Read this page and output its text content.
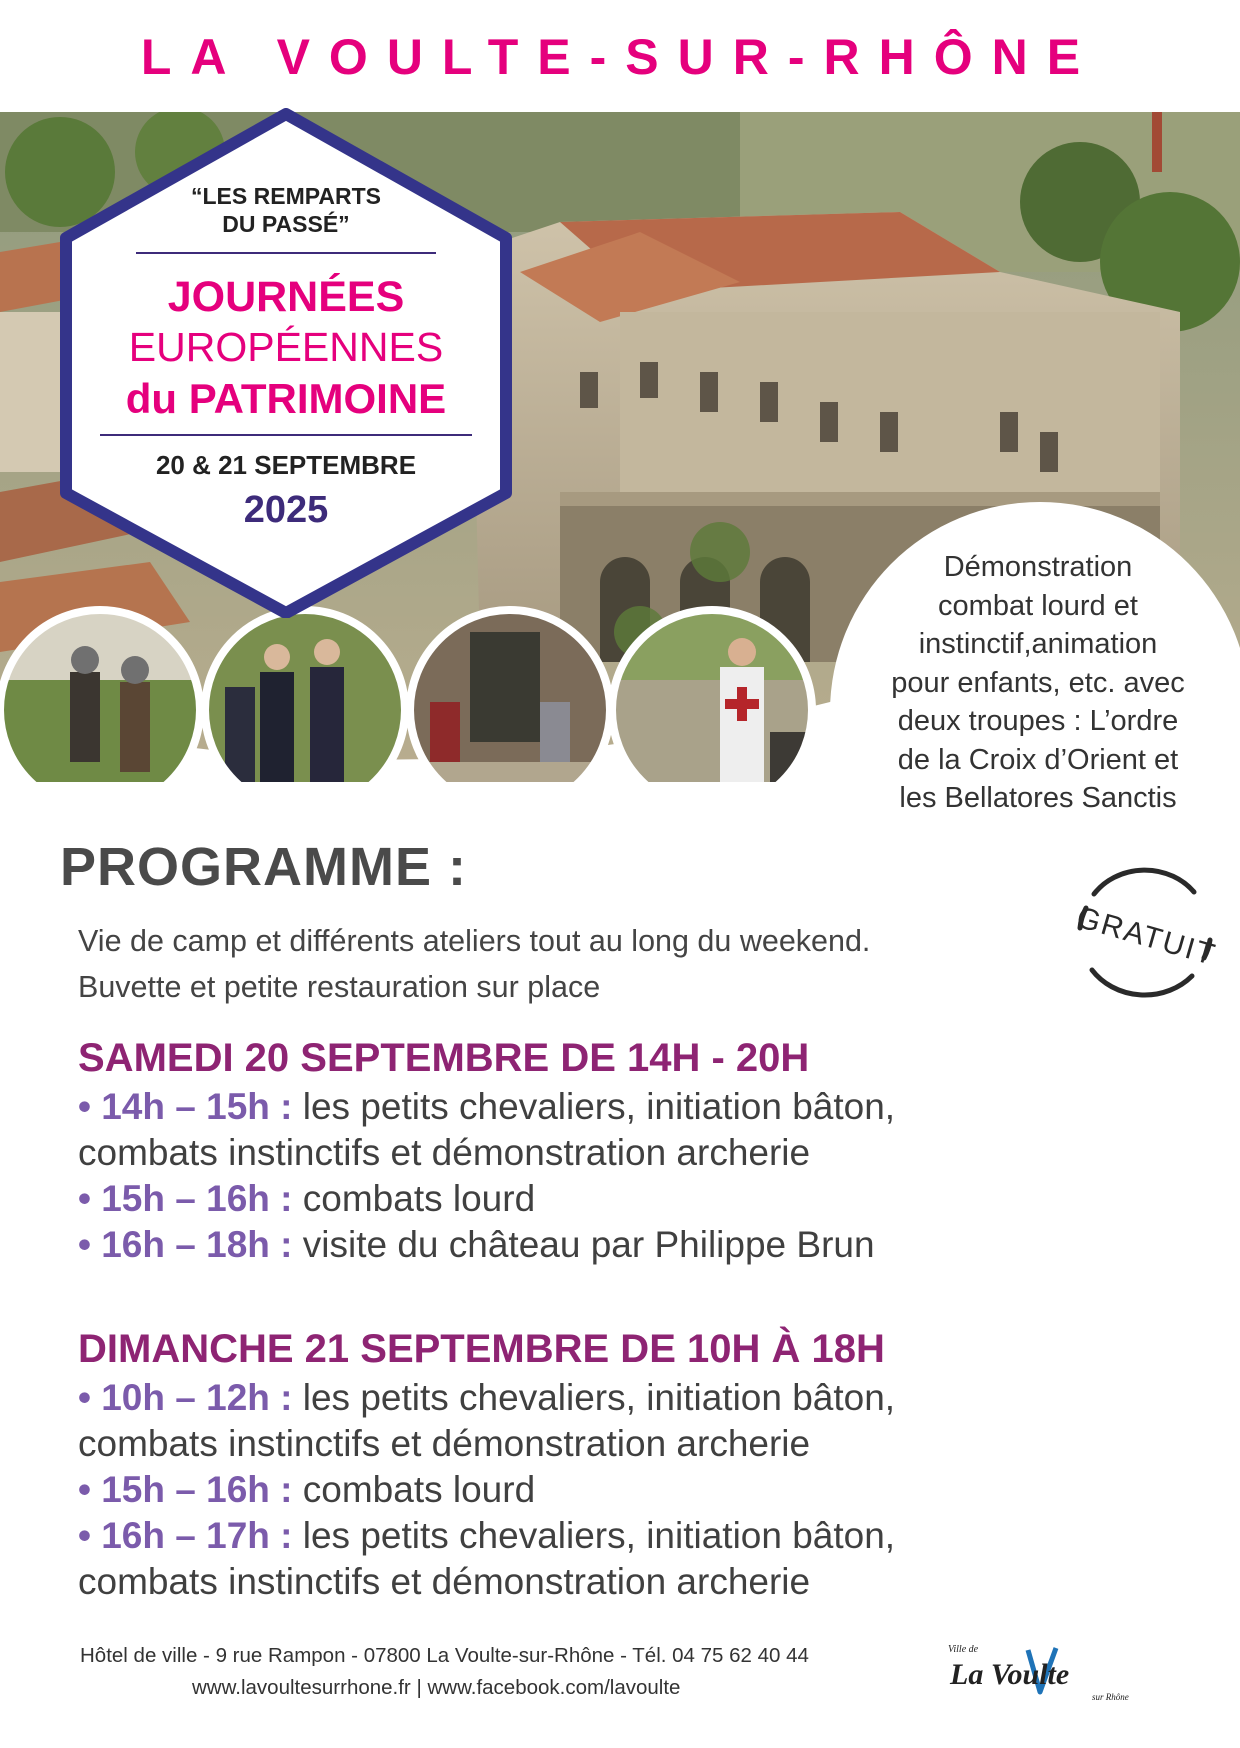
LA VOULTE-SUR-RHÔNE
“LES REMPARTS
DU PASSÉ”
JOURNÉES
EUROPÉENNES
du PATRIMOINE
20 & 21 SEPTEMBRE
2025
Démonstration
combat lourd et
instinctif,animation
pour enfants, etc. avec
deux troupes : L’ordre
de la Croix d’Orient et
les Bellatores Sanctis
PROGRAMME :
Vie de camp et différents ateliers tout au long du weekend.
Buvette et petite restauration sur place
GRATUIT
SAMEDI 20 SEPTEMBRE DE 14H - 20H
• 14h – 15h : les petits chevaliers, initiation bâton,
combats instinctifs et démonstration archerie
• 15h – 16h : combats lourd
• 16h – 18h : visite du château par Philippe Brun
DIMANCHE 21 SEPTEMBRE DE 10H À 18H
• 10h – 12h : les petits chevaliers, initiation bâton,
combats instinctifs et démonstration archerie
• 15h – 16h : combats lourd
• 16h – 17h : les petits chevaliers, initiation bâton,
combats instinctifs et démonstration archerie
Hôtel de ville - 9 rue Rampon - 07800 La Voulte-sur-Rhône - Tél. 04 75 62 40 44
www.lavoultesurrhone.fr | www.facebook.com/lavoulte
Ville de
La Voulte
sur Rhône
